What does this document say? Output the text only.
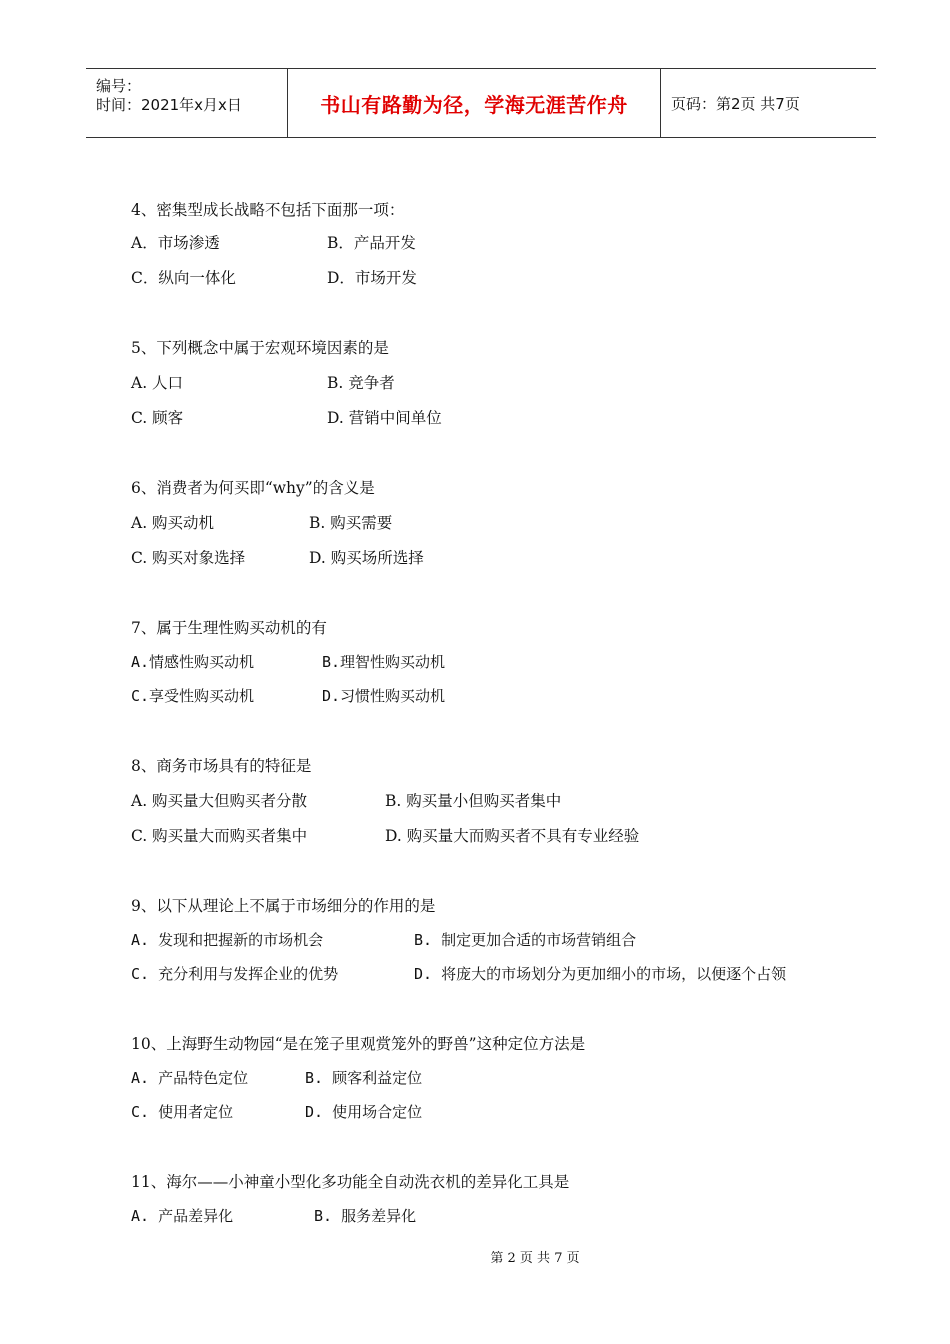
编号：
时间：2021年x月x日	书山有路勤为径，学海无涯苦作舟	页码：第2页 共7页
4、密集型成长战略不包括下面那一项：
A．市场渗透	B．产品开发
C．纵向一体化	D．市场开发
5、下列概念中属于宏观环境因素的是
A. 人口	B. 竞争者
C. 顾客	D. 营销中间单位
6、消费者为何买即“why”的含义是
A. 购买动机	B. 购买需要
C. 购买对象选择	D. 购买场所选择
7、属于生理性购买动机的有
A.情感性购买动机	B.理智性购买动机
C.享受性购买动机	D.习惯性购买动机
8、商务市场具有的特征是
A. 购买量大但购买者分散	B. 购买量小但购买者集中
C. 购买量大而购买者集中	D. 购买量大而购买者不具有专业经验
9、以下从理论上不属于市场细分的作用的是
A. 发现和把握新的市场机会	B. 制定更加合适的市场营销组合
C. 充分利用与发挥企业的优势	D. 将庞大的市场划分为更加细小的市场，以便逐个占领
10、上海野生动物园“是在笼子里观赏笼外的野兽”这种定位方法是
A. 产品特色定位	B. 顾客利益定位
C. 使用者定位	D. 使用场合定位
11、海尔——小神童小型化多功能全自动洗衣机的差异化工具是
A. 产品差异化	B. 服务差异化
第 2 页 共 7 页
